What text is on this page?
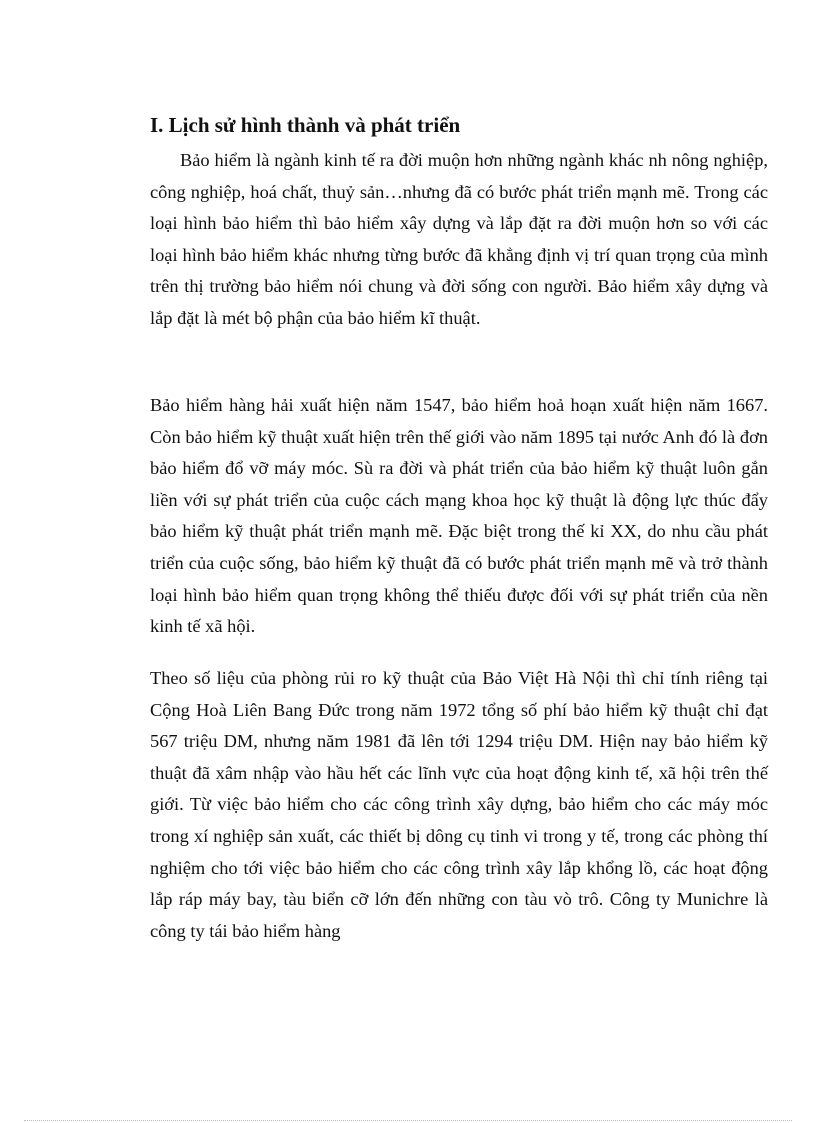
I. Lịch sử hình thành và phát triển

Bảo hiểm là ngành kinh tế ra đời muộn hơn những ngành khác nh nông nghiệp, công nghiệp, hoá chất, thuỷ sản…nhưng đã có bước phát triển mạnh mẽ. Trong các loại hình bảo hiểm thì bảo hiểm xây dựng và lắp đặt ra đời muộn hơn so với các loại hình bảo hiểm khác nhưng từng bước đã khẳng định vị trí quan trọng của mình trên thị trường bảo hiểm nói chung và đời sống con người. Bảo hiểm xây dựng và lắp đặt là mét bộ phận của bảo hiểm kĩ thuật.

Bảo hiểm hàng hải xuất hiện năm 1547, bảo hiểm hoả hoạn xuất hiện năm 1667. Còn bảo hiểm kỹ thuật xuất hiện trên thế giới vào năm 1895 tại nước Anh đó là đơn bảo hiểm đổ vỡ máy móc. Sù ra đời và phát triển của bảo hiểm kỹ thuật luôn gắn liền với sự phát triển của cuộc cách mạng khoa học kỹ thuật là động lực thúc đẩy bảo hiểm kỹ thuật phát triển mạnh mẽ. Đặc biệt trong thế kỉ XX, do nhu cầu phát triển của cuộc sống, bảo hiểm kỹ thuật đã có bước phát triển mạnh mẽ và trở thành loại hình bảo hiểm quan trọng không thể thiếu được đối với sự phát triển của nền kinh tế xã hội.

Theo số liệu của phòng rủi ro kỹ thuật của Bảo Việt Hà Nội thì chỉ tính riêng tại Cộng Hoà Liên Bang Đức trong năm 1972 tổng số phí bảo hiểm kỹ thuật chỉ đạt 567 triệu DM, nhưng năm 1981 đã lên tới 1294 triệu DM. Hiện nay bảo hiểm kỹ thuật đã xâm nhập vào hầu hết các lĩnh vực của hoạt động kinh tế, xã hội trên thế giới. Từ việc bảo hiểm cho các công trình xây dựng, bảo hiểm cho các máy móc trong xí nghiệp sản xuất, các thiết bị dông cụ tinh vi trong y tế, trong các phòng thí nghiệm cho tới việc bảo hiểm cho các công trình xây lắp khổng lồ, các hoạt động lắp ráp máy bay, tàu biển cỡ lớn đến những con tàu vò trô. Công ty Munichre là công ty tái bảo hiểm hàng
